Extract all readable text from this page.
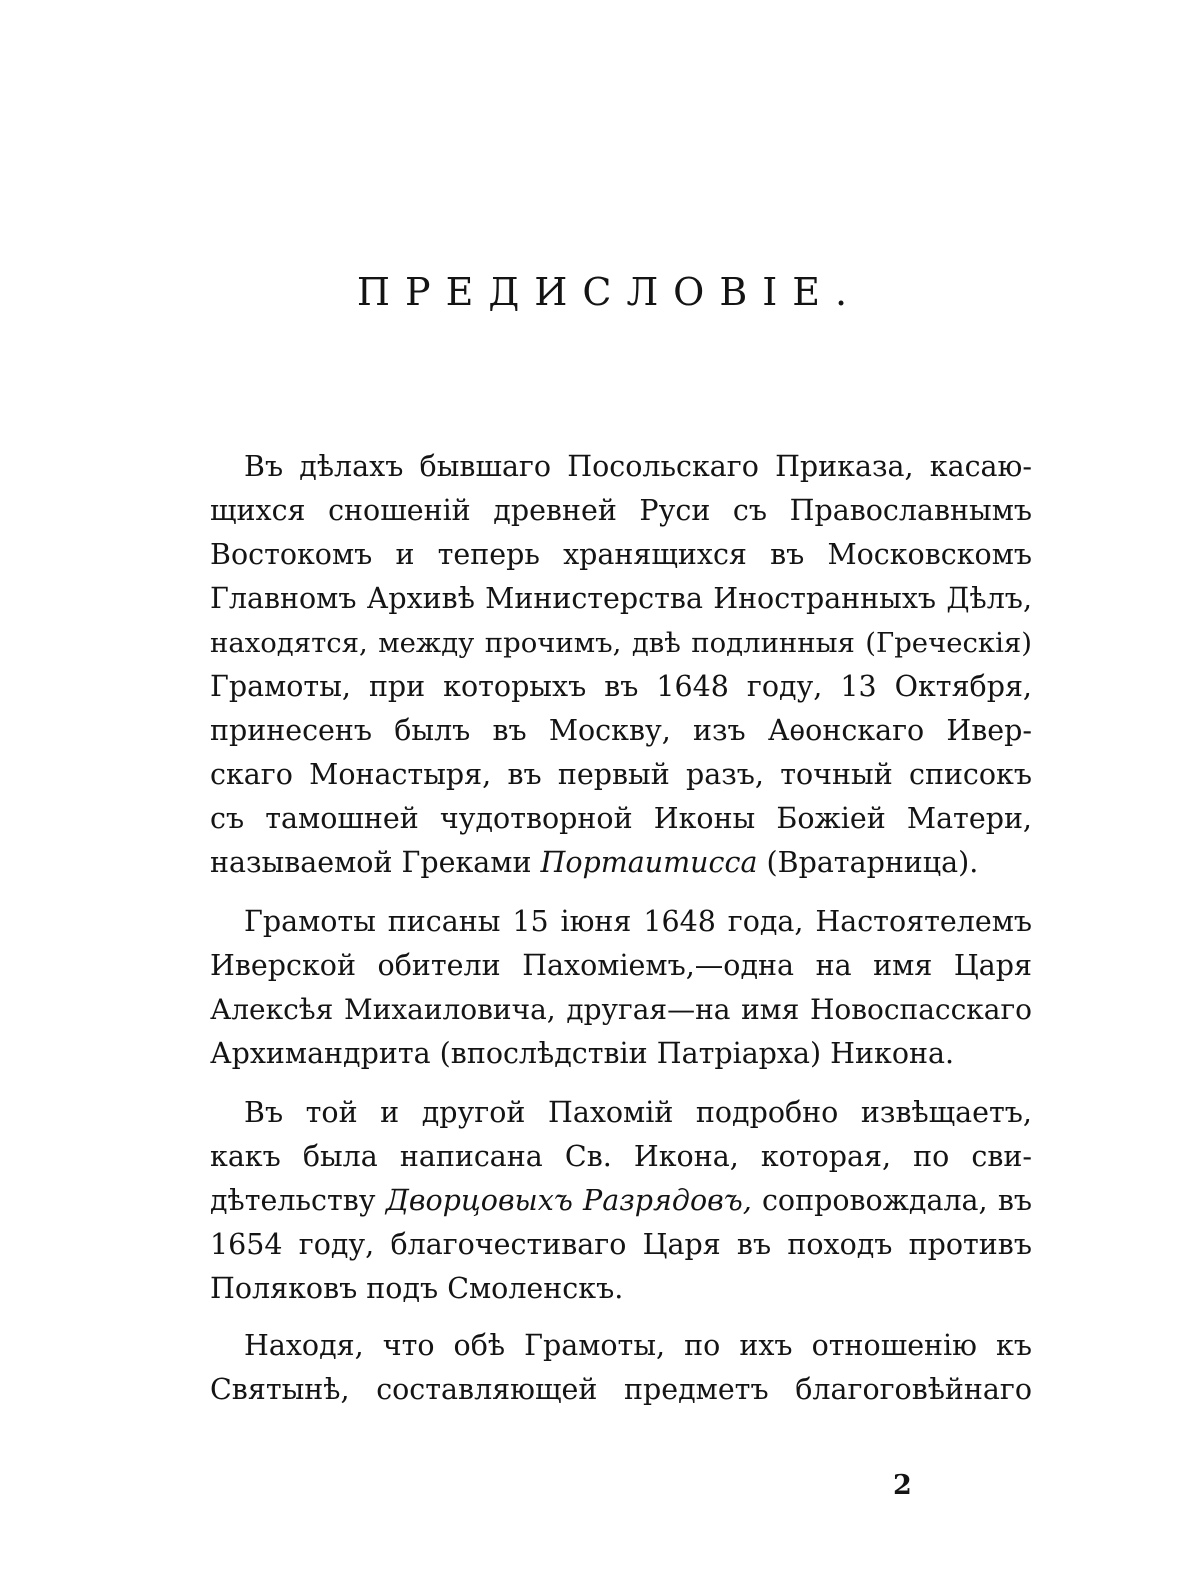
ПРЕДИСЛОВІЕ.
Въ дѣлахъ бывшаго Посольскаго Приказа, касаю-
щихся сношеній древней Руси съ Православнымъ
Востокомъ и теперь хранящихся въ Московскомъ
Главномъ Архивѣ Министерства Иностранныхъ Дѣлъ,
находятся, между прочимъ, двѣ подлинныя (Греческія)
Грамоты, при которыхъ въ 1648 году, 13 Октября,
принесенъ былъ въ Москву, изъ Аѳонскаго Ивер-
скаго Монастыря, въ первый разъ, точный списокъ
съ тамошней чудотворной Иконы Божіей Матери,
называемой Греками Портаитисса (Вратарница).
Грамоты писаны 15 іюня 1648 года, Настоятелемъ
Иверской обители Пахоміемъ,—одна на имя Царя
Алексѣя Михаиловича, другая—на имя Новоспасскаго
Архимандрита (впослѣдствіи Патріарха) Никона.
Въ той и другой Пахомій подробно извѣщаетъ,
какъ была написана Св. Икона, которая, по сви-
дѣтельству Дворцовыхъ Разрядовъ, сопровождала, въ
1654 году, благочестиваго Царя въ походъ противъ
Поляковъ подъ Смоленскъ.
Находя, что обѣ Грамоты, по ихъ отношенію къ
Святынѣ, составляющей предметъ благоговѣйнаго
2
